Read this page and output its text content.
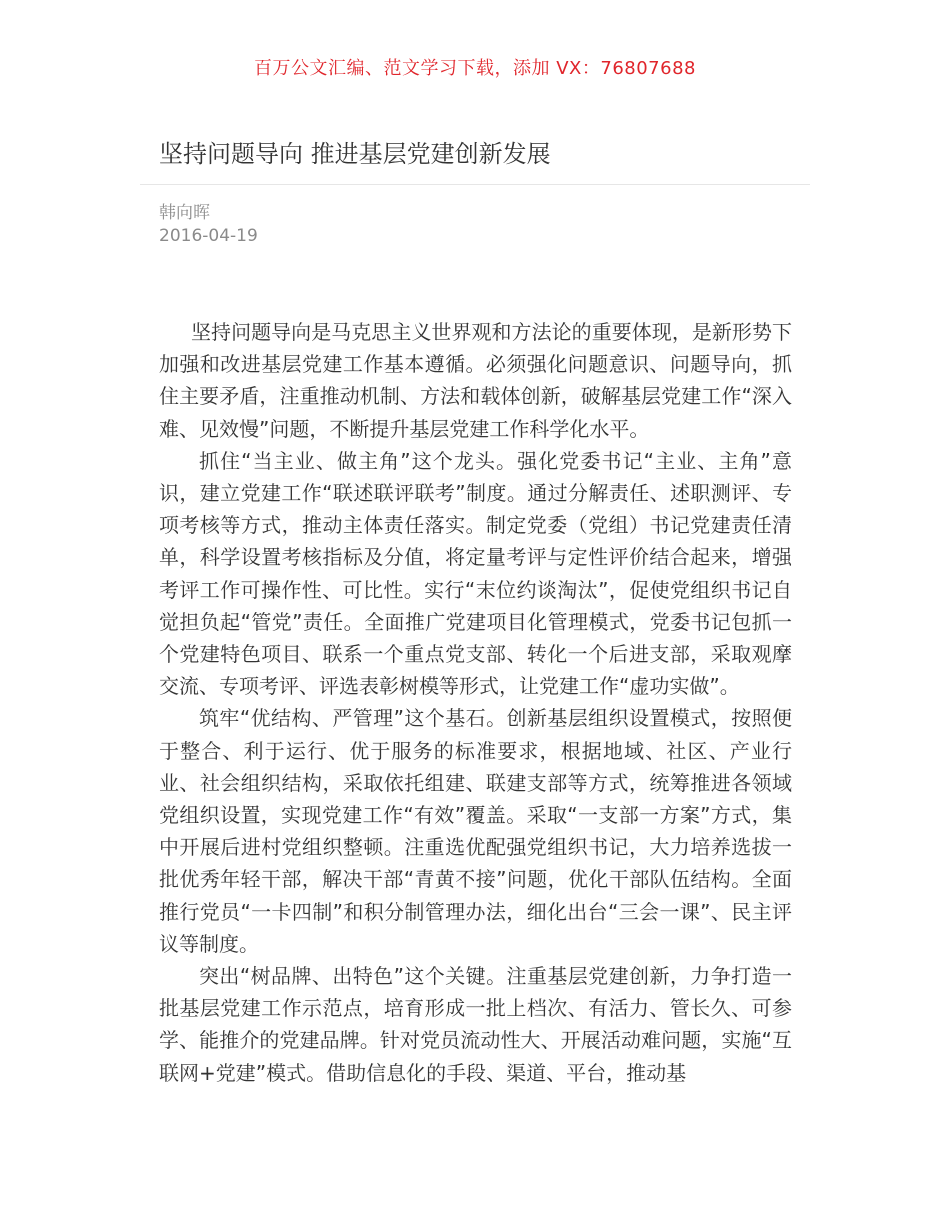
百万公文汇编、范文学习下载，添加 VX：76807688
坚持问题导向 推进基层党建创新发展
韩向晖
2016-04-19

坚持问题导向是马克思主义世界观和方法论的重要体现，是新形势下加强和改进基层党建工作基本遵循。必须强化问题意识、问题导向，抓住主要矛盾，注重推动机制、方法和载体创新，破解基层党建工作“深入难、见效慢”问题，不断提升基层党建工作科学化水平。

抓住“当主业、做主角”这个龙头。强化党委书记“主业、主角”意识，建立党建工作“联述联评联考”制度。通过分解责任、述职测评、专项考核等方式，推动主体责任落实。制定党委（党组）书记党建责任清单，科学设置考核指标及分值，将定量考评与定性评价结合起来，增强考评工作可操作性、可比性。实行“末位约谈淘汰”，促使党组织书记自觉担负起“管党”责任。全面推广党建项目化管理模式，党委书记包抓一个党建特色项目、联系一个重点党支部、转化一个后进支部，采取观摩交流、专项考评、评选表彰树模等形式，让党建工作“虚功实做”。

筑牢“优结构、严管理”这个基石。创新基层组织设置模式，按照便于整合、利于运行、优于服务的标准要求，根据地域、社区、产业行业、社会组织结构，采取依托组建、联建支部等方式，统筹推进各领域党组织设置，实现党建工作“有效”覆盖。采取“一支部一方案”方式，集中开展后进村党组织整顿。注重选优配强党组织书记，大力培养选拔一批优秀年轻干部，解决干部“青黄不接”问题，优化干部队伍结构。全面推行党员“一卡四制”和积分制管理办法，细化出台“三会一课”、民主评议等制度。

突出“树品牌、出特色”这个关键。注重基层党建创新，力争打造一批基层党建工作示范点，培育形成一批上档次、有活力、管长久、可参学、能推介的党建品牌。针对党员流动性大、开展活动难问题，实施“互联网+党建”模式。借助信息化的手段、渠道、平台，推动基
